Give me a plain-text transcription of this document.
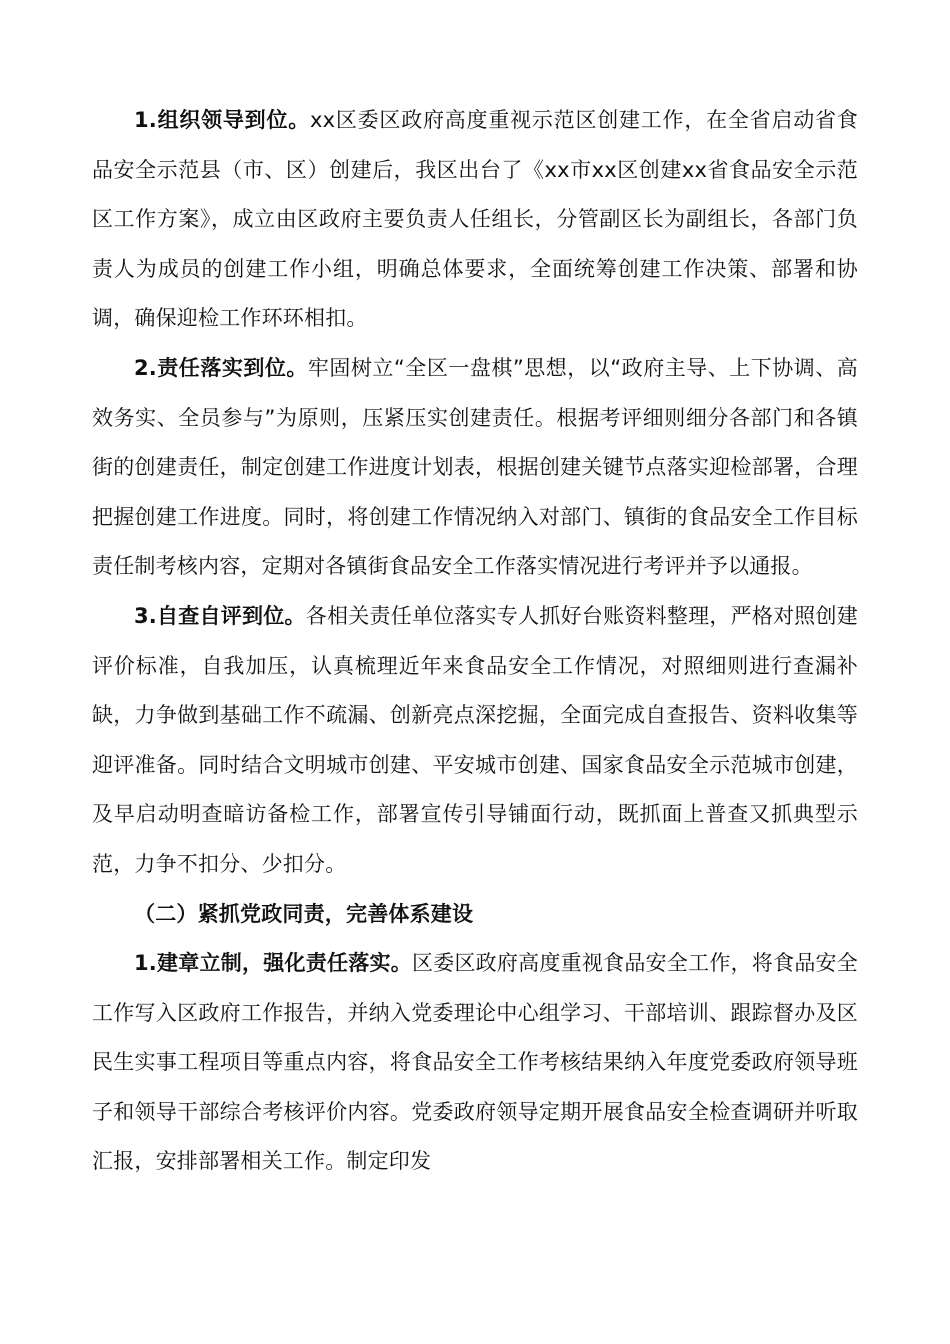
1.组织领导到位。xx区委区政府高度重视示范区创建工作，在全省启动省食品安全示范县（市、区）创建后，我区出台了《xx市xx区创建xx省食品安全示范区工作方案》，成立由区政府主要负责人任组长，分管副区长为副组长，各部门负责人为成员的创建工作小组，明确总体要求，全面统筹创建工作决策、部署和协调，确保迎检工作环环相扣。

2.责任落实到位。牢固树立“全区一盘棋”思想，以“政府主导、上下协调、高效务实、全员参与”为原则，压紧压实创建责任。根据考评细则细分各部门和各镇街的创建责任，制定创建工作进度计划表，根据创建关键节点落实迎检部署，合理把握创建工作进度。同时，将创建工作情况纳入对部门、镇街的食品安全工作目标责任制考核内容，定期对各镇街食品安全工作落实情况进行考评并予以通报。

3.自查自评到位。各相关责任单位落实专人抓好台账资料整理，严格对照创建评价标准，自我加压，认真梳理近年来食品安全工作情况，对照细则进行查漏补缺，力争做到基础工作不疏漏、创新亮点深挖掘，全面完成自查报告、资料收集等迎评准备。同时结合文明城市创建、平安城市创建、国家食品安全示范城市创建，及早启动明查暗访备检工作，部署宣传引导铺面行动，既抓面上普查又抓典型示范，力争不扣分、少扣分。

（二）紧抓党政同责，完善体系建设

1.建章立制，强化责任落实。区委区政府高度重视食品安全工作，将食品安全工作写入区政府工作报告，并纳入党委理论中心组学习、干部培训、跟踪督办及区民生实事工程项目等重点内容，将食品安全工作考核结果纳入年度党委政府领导班子和领导干部综合考核评价内容。党委政府领导定期开展食品安全检查调研并听取汇报，安排部署相关工作。制定印发
